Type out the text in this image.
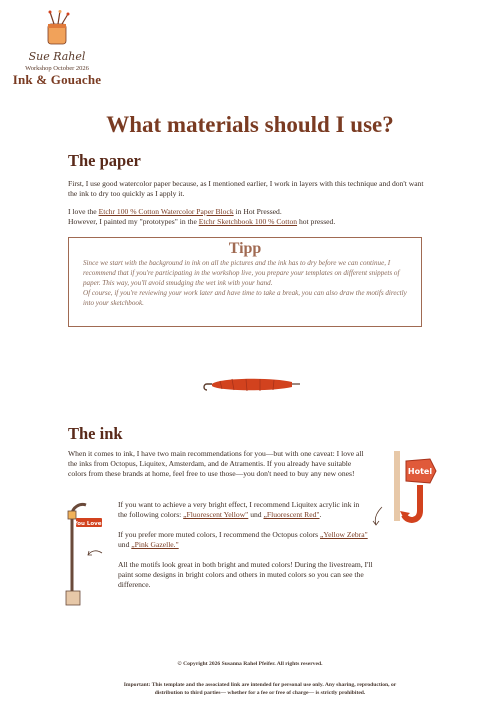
Sue Rahel
Workshop October 2026
Ink & Gouache
What materials should I use?
The paper
First, I use good watercolor paper because, as I mentioned earlier, I work in layers with this technique and don't want the ink to dry too quickly as I apply it.
I love the Etchr 100 % Cotton Watercolor Paper Block in Hot Pressed.
However, I painted my "prototypes" in the Etchr Sketchbook 100 % Cotton hot pressed.
Tipp
Since we start with the background in ink on all the pictures and the ink has to dry before we can continue, I recommend that if you're participating in the workshop live, you prepare your templates on different snippets of paper. This way, you'll avoid smudging the wet ink with your hand.
Of course, if you're reviewing your work later and have time to take a break, you can also draw the motifs directly into your sketchbook.
The ink
When it comes to ink, I have two main recommendations for you—but with one caveat: I love all the inks from Octopus, Liquitex, Amsterdam, and de Atramentis. If you already have suitable colors from these brands at home, feel free to use those—you don't need to buy any new ones!
If you want to achieve a very bright effect, I recommend Liquitex acrylic ink in the following colors: „Fluorescent Yellow" und „Fluorescent Red".
If you prefer more muted colors, I recommend the Octopus colors „Yellow Zebra" und „Pink Gazelle."
All the motifs look great in both bright and muted colors! During the livestream, I'll paint some designs in bright colors and others in muted colors so you can see the difference.
You Lover
Hotel
© Copyright 2026 Susanna Rahel Pfeifer. All rights reserved.
Important: This template and the associated link are intended for personal use only. Any sharing, reproduction, or distribution to third parties— whether for a fee or free of charge— is strictly prohibited.
